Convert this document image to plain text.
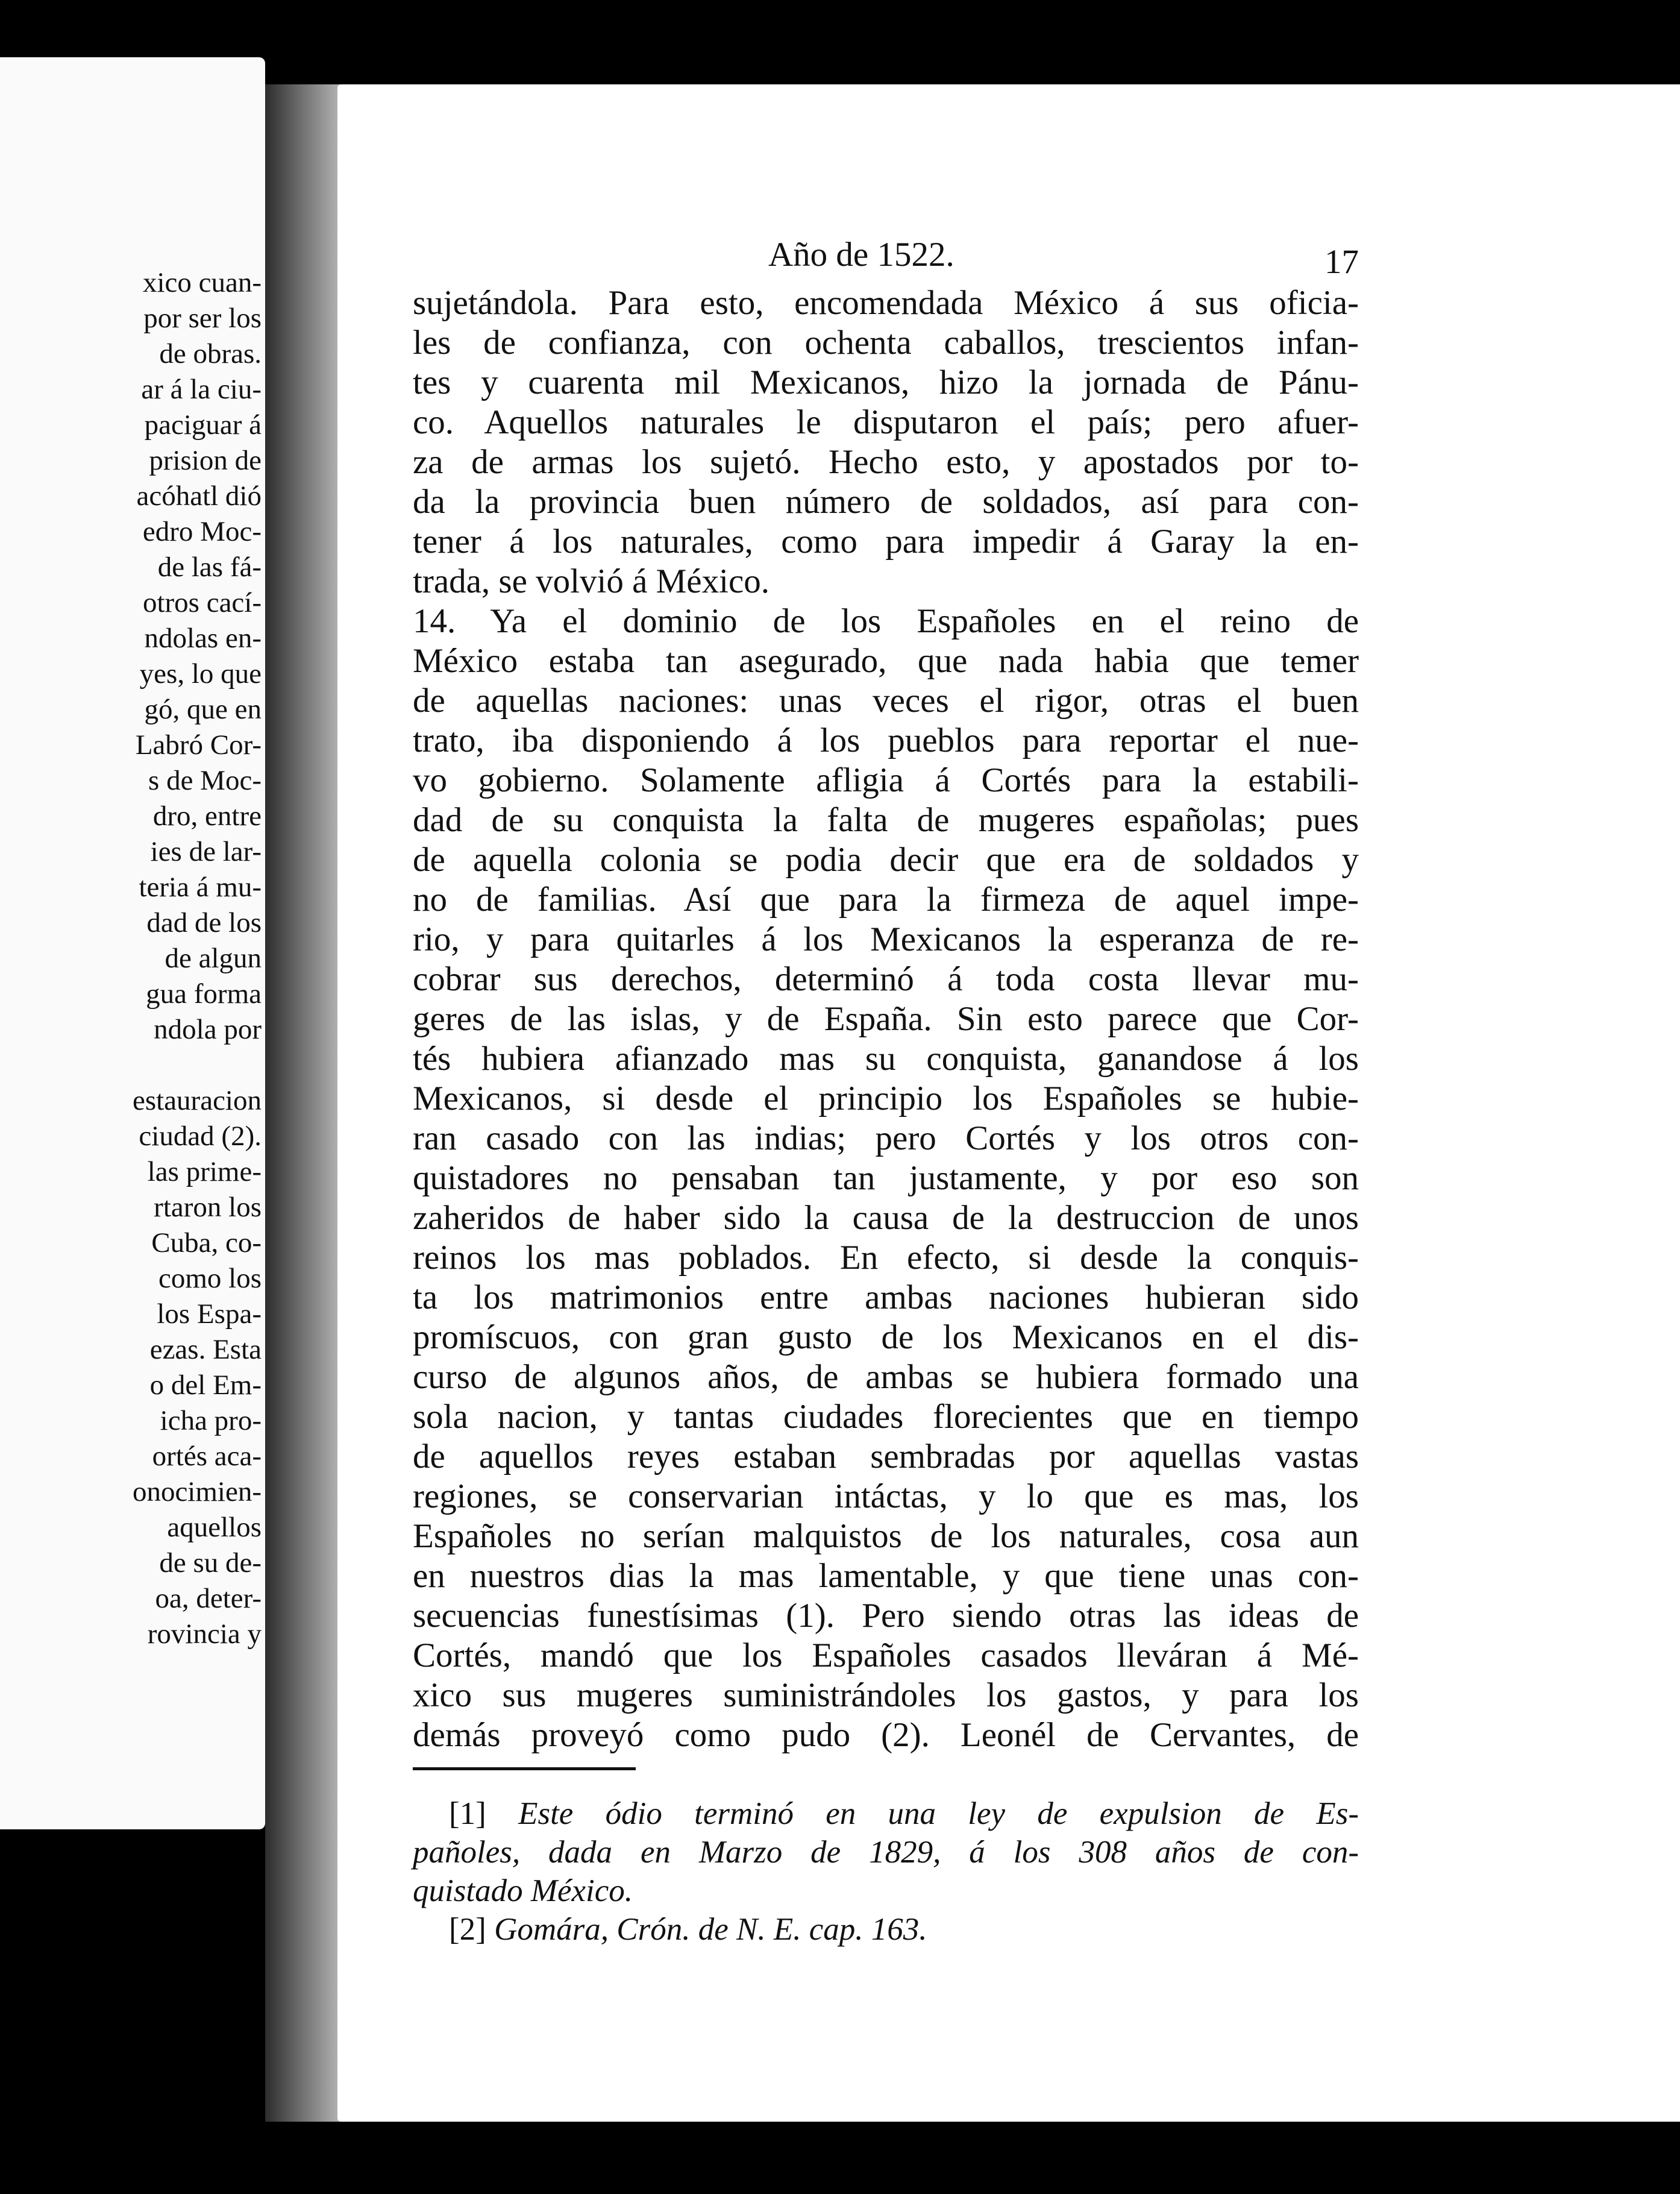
xico cuan-
por ser los
de obras.
ar á la ciu-
paciguar á
prision de
acóhatl dió
edro Moc-
de las fá-
otros cací-
ndolas en-
yes, lo que
gó, que en
Labró Cor-
s de Moc-
dro, entre
ies de lar-
teria á mu-
dad de los
de algun
gua forma
ndola por
estauracion
ciudad (2).
las prime-
rtaron los
Cuba, co-
como los
los Espa-
ezas. Esta
o del Em-
icha pro-
ortés aca-
onocimien-
aquellos
de su de-
oa, deter-
rovincia y
Año de 1522.	17
sujetándola. Para esto, encomendada México á sus oficia-
les de confianza, con ochenta caballos, trescientos infan-
tes y cuarenta mil Mexicanos, hizo la jornada de Pánu-
co. Aquellos naturales le disputaron el país; pero afuer-
za de armas los sujetó. Hecho esto, y apostados por to-
da la provincia buen número de soldados, así para con-
tener á los naturales, como para impedir á Garay la en-
trada, se volvió á México.
14. Ya el dominio de los Españoles en el reino de
México estaba tan asegurado, que nada habia que temer
de aquellas naciones: unas veces el rigor, otras el buen
trato, iba disponiendo á los pueblos para reportar el nue-
vo gobierno. Solamente afligia á Cortés para la estabili-
dad de su conquista la falta de mugeres españolas; pues
de aquella colonia se podia decir que era de soldados y
no de familias. Así que para la firmeza de aquel impe-
rio, y para quitarles á los Mexicanos la esperanza de re-
cobrar sus derechos, determinó á toda costa llevar mu-
geres de las islas, y de España. Sin esto parece que Cor-
tés hubiera afianzado mas su conquista, ganandose á los
Mexicanos, si desde el principio los Españoles se hubie-
ran casado con las indias; pero Cortés y los otros con-
quistadores no pensaban tan justamente, y por eso son
zaheridos de haber sido la causa de la destruccion de unos
reinos los mas poblados. En efecto, si desde la conquis-
ta los matrimonios entre ambas naciones hubieran sido
promíscuos, con gran gusto de los Mexicanos en el dis-
curso de algunos años, de ambas se hubiera formado una
sola nacion, y tantas ciudades florecientes que en tiempo
de aquellos reyes estaban sembradas por aquellas vastas
regiones, se conservarian intáctas, y lo que es mas, los
Españoles no serían malquistos de los naturales, cosa aun
en nuestros dias la mas lamentable, y que tiene unas con-
secuencias funestísimas (1). Pero siendo otras las ideas de
Cortés, mandó que los Españoles casados lleváran á Mé-
xico sus mugeres suministrándoles los gastos, y para los
demás proveyó como pudo (2). Leonél de Cervantes, de
[1] Este ódio terminó en una ley de expulsion de Es-
pañoles, dada en Marzo de 1829, á los 308 años de con-
quistado México.
[2] Gomára, Crón. de N. E. cap. 163.
